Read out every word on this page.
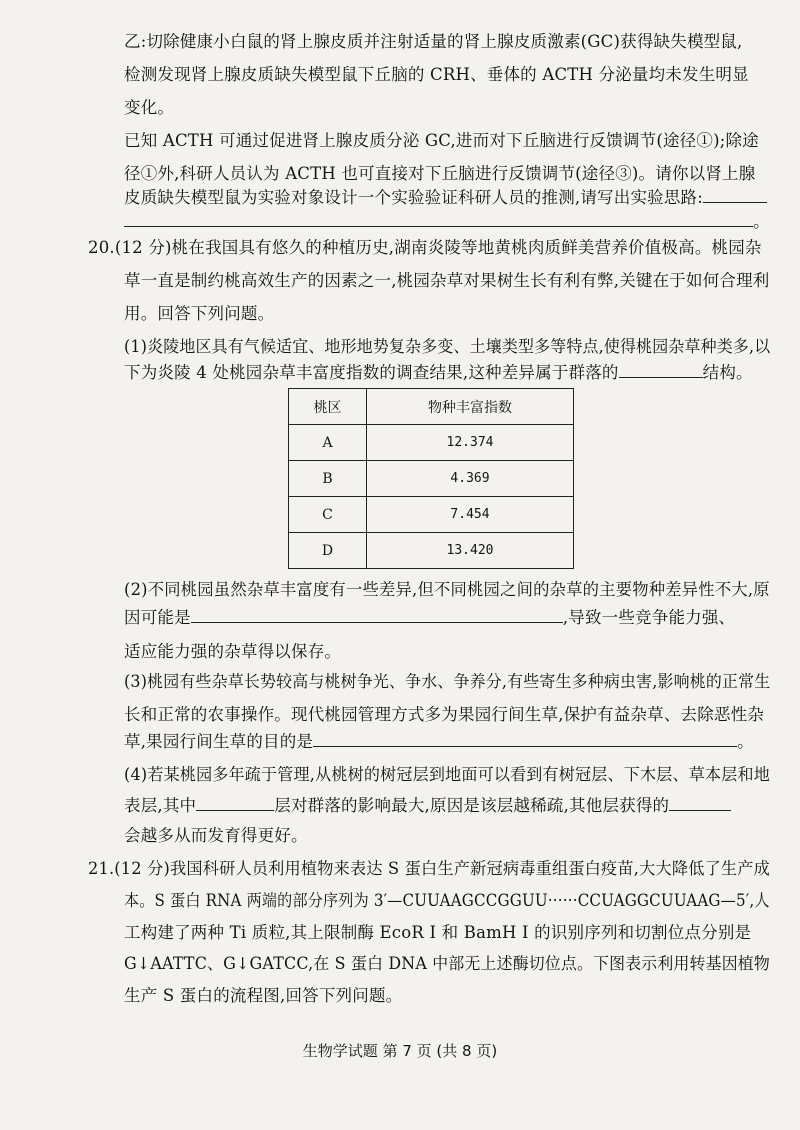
乙:切除健康小白鼠的肾上腺皮质并注射适量的肾上腺皮质激素(GC)获得缺失模型鼠,
检测发现肾上腺皮质缺失模型鼠下丘脑的 CRH、垂体的 ACTH 分泌量均未发生明显
变化。
已知 ACTH 可通过促进肾上腺皮质分泌 GC,进而对下丘脑进行反馈调节(途径①);除途
径①外,科研人员认为 ACTH 也可直接对下丘脑进行反馈调节(途径③)。请你以肾上腺
皮质缺失模型鼠为实验对象设计一个实验验证科研人员的推测,请写出实验思路:
。
20.(12 分)桃在我国具有悠久的种植历史,湖南炎陵等地黄桃肉质鲜美营养价值极高。桃园杂
草一直是制约桃高效生产的因素之一,桃园杂草对果树生长有利有弊,关键在于如何合理利
用。回答下列问题。
(1)炎陵地区具有气候适宜、地形地势复杂多变、土壤类型多等特点,使得桃园杂草种类多,以
下为炎陵 4 处桃园杂草丰富度指数的调查结果,这种差异属于群落的	结构。
桃区	物种丰富指数
A	12.374
B	4.369
C	7.454
D	13.420
(2)不同桃园虽然杂草丰富度有一些差异,但不同桃园之间的杂草的主要物种差异性不大,原
因可能是	,导致一些竞争能力强、
适应能力强的杂草得以保存。
(3)桃园有些杂草长势较高与桃树争光、争水、争养分,有些寄生多种病虫害,影响桃的正常生
长和正常的农事操作。现代桃园管理方式多为果园行间生草,保护有益杂草、去除恶性杂
草,果园行间生草的目的是	。
(4)若某桃园多年疏于管理,从桃树的树冠层到地面可以看到有树冠层、下木层、草本层和地
表层,其中	层对群落的影响最大,原因是该层越稀疏,其他层获得的
会越多从而发育得更好。
21.(12 分)我国科研人员利用植物来表达 S 蛋白生产新冠病毒重组蛋白疫苗,大大降低了生产成
本。S 蛋白 RNA 两端的部分序列为 3′—CUUAAGCCGGUU······CCUAGGCUUAAG—5′,人
工构建了两种 Ti 质粒,其上限制酶 EcoR Ⅰ 和 BamH Ⅰ 的识别序列和切割位点分别是
G↓AATTC、G↓GATCC,在 S 蛋白 DNA 中部无上述酶切位点。下图表示利用转基因植物
生产 S 蛋白的流程图,回答下列问题。
生物学试题 第 7 页 (共 8 页)
